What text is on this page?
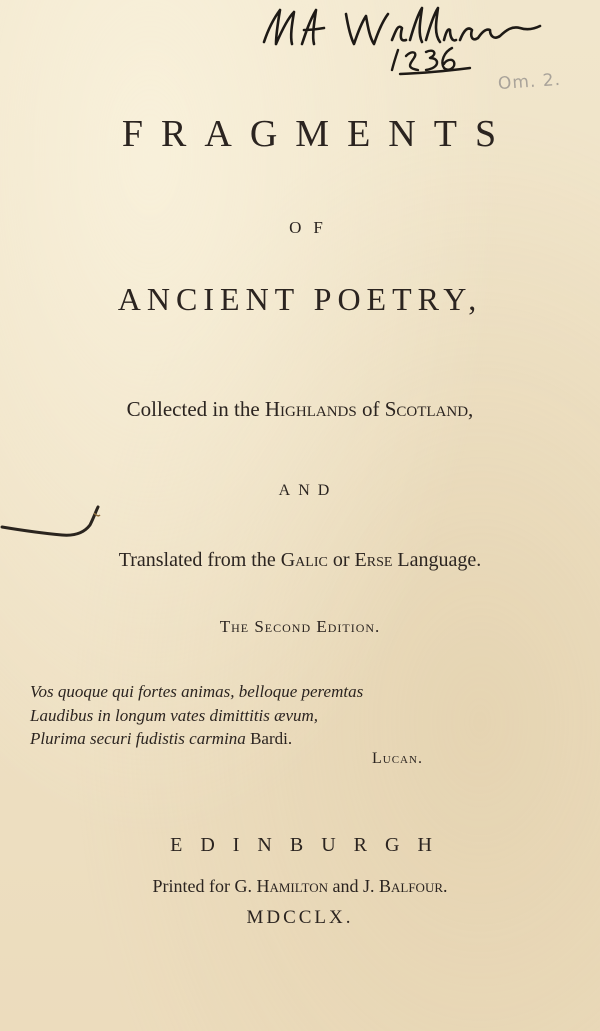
Om. 2.
FRAGMENTS
OF
ANCIENT POETRY,
Collected in the Highlands of Scotland,
AND
Translated from the Galic or Erse Language.
The Second Edition.
Vos quoque qui fortes animas, belloque peremtas
Laudibus in longum vates dimittitis ævum,
Plurima securi fudistis carmina Bardi.
Lucan.
EDINBURGH
Printed for G. Hamilton and J. Balfour.
MDCCLX.
